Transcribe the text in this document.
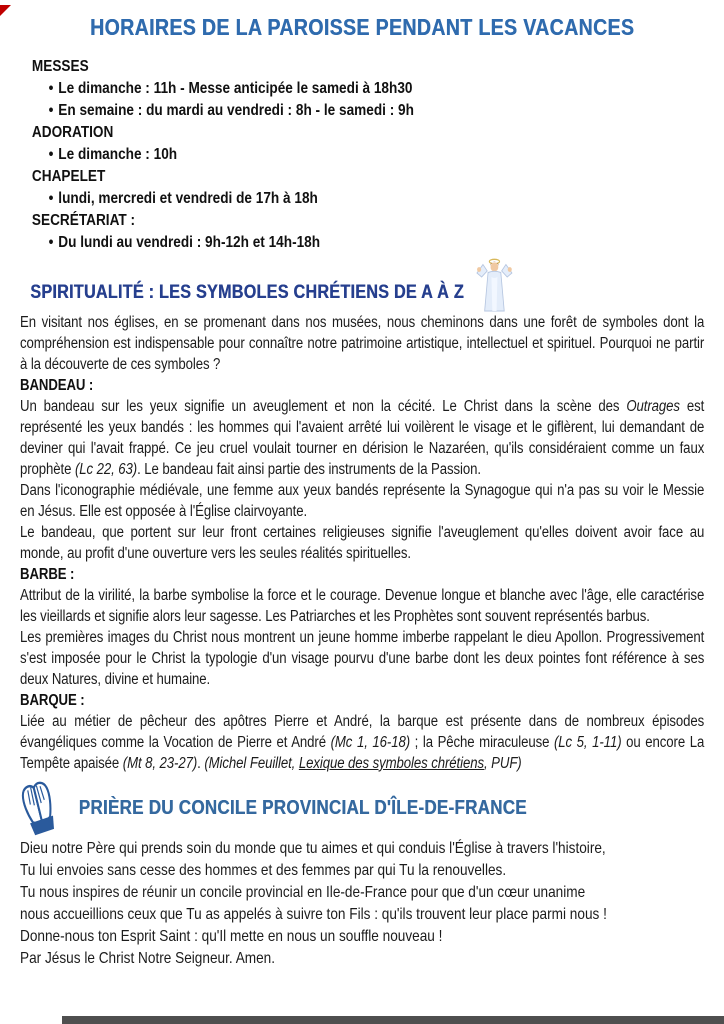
HORAIRES DE LA PAROISSE PENDANT LES VACANCES
MESSES
• Le dimanche : 11h - Messe anticipée le samedi à 18h30
• En semaine : du mardi au vendredi : 8h - le samedi : 9h
ADORATION
• Le dimanche : 10h
CHAPELET
• lundi, mercredi et vendredi de 17h à 18h
SECRÉTARIAT :
• Du lundi au vendredi : 9h-12h et 14h-18h
SPIRITUALITÉ : LES SYMBOLES CHRÉTIENS DE A À Z

En visitant nos églises, en se promenant dans nos musées, nous cheminons dans une forêt de symboles dont la compréhension est indispensable pour connaître notre patrimoine artistique, intellectuel et spirituel. Pourquoi ne partir à la découverte de ces symboles ?

BANDEAU :

Un bandeau sur les yeux signifie un aveuglement et non la cécité. Le Christ dans la scène des Outrages est représenté les yeux bandés : les hommes qui l'avaient arrêté lui voilèrent le visage et le giflèrent, lui demandant de deviner qui l'avait frappé. Ce jeu cruel voulait tourner en dérision le Nazaréen, qu'ils considéraient comme un faux prophète (Lc 22, 63). Le bandeau fait ainsi partie des instruments de la Passion.

Dans l'iconographie médiévale, une femme aux yeux bandés représente la Synagogue qui n'a pas su voir le Messie en Jésus. Elle est opposée à l'Église clairvoyante.

Le bandeau, que portent sur leur front certaines religieuses signifie l'aveuglement qu'elles doivent avoir face au monde, au profit d'une ouverture vers les seules réalités spirituelles.

BARBE :

Attribut de la virilité, la barbe symbolise la force et le courage. Devenue longue et blanche avec l'âge, elle caractérise les vieillards et signifie alors leur sagesse. Les Patriarches et les Prophètes sont souvent représentés barbus.

Les premières images du Christ nous montrent un jeune homme imberbe rappelant le dieu Apollon. Progressivement s'est imposée pour le Christ la typologie d'un visage pourvu d'une barbe dont les deux pointes font référence à ses deux Natures, divine et humaine.

BARQUE :

Liée au métier de pêcheur des apôtres Pierre et André, la barque est présente dans de nombreux épisodes évangéliques comme la Vocation de Pierre et André (Mc 1, 16-18) ; la Pêche miraculeuse (Lc 5, 1-11) ou encore La Tempête apaisée (Mt 8, 23-27). (Michel Feuillet, Lexique des symboles chrétiens, PUF)

PRIÈRE DU CONCILE PROVINCIAL D'ÎLE-DE-FRANCE
Dieu notre Père qui prends soin du monde que tu aimes et qui conduis l'Église à travers l'histoire,
Tu lui envoies sans cesse des hommes et des femmes par qui Tu la renouvelles.
Tu nous inspires de réunir un concile provincial en Ile-de-France pour que d'un cœur unanime
nous accueillions ceux que Tu as appelés à suivre ton Fils : qu'ils trouvent leur place parmi nous !
Donne-nous ton Esprit Saint : qu'Il mette en nous un souffle nouveau !
Par Jésus le Christ Notre Seigneur. Amen.
